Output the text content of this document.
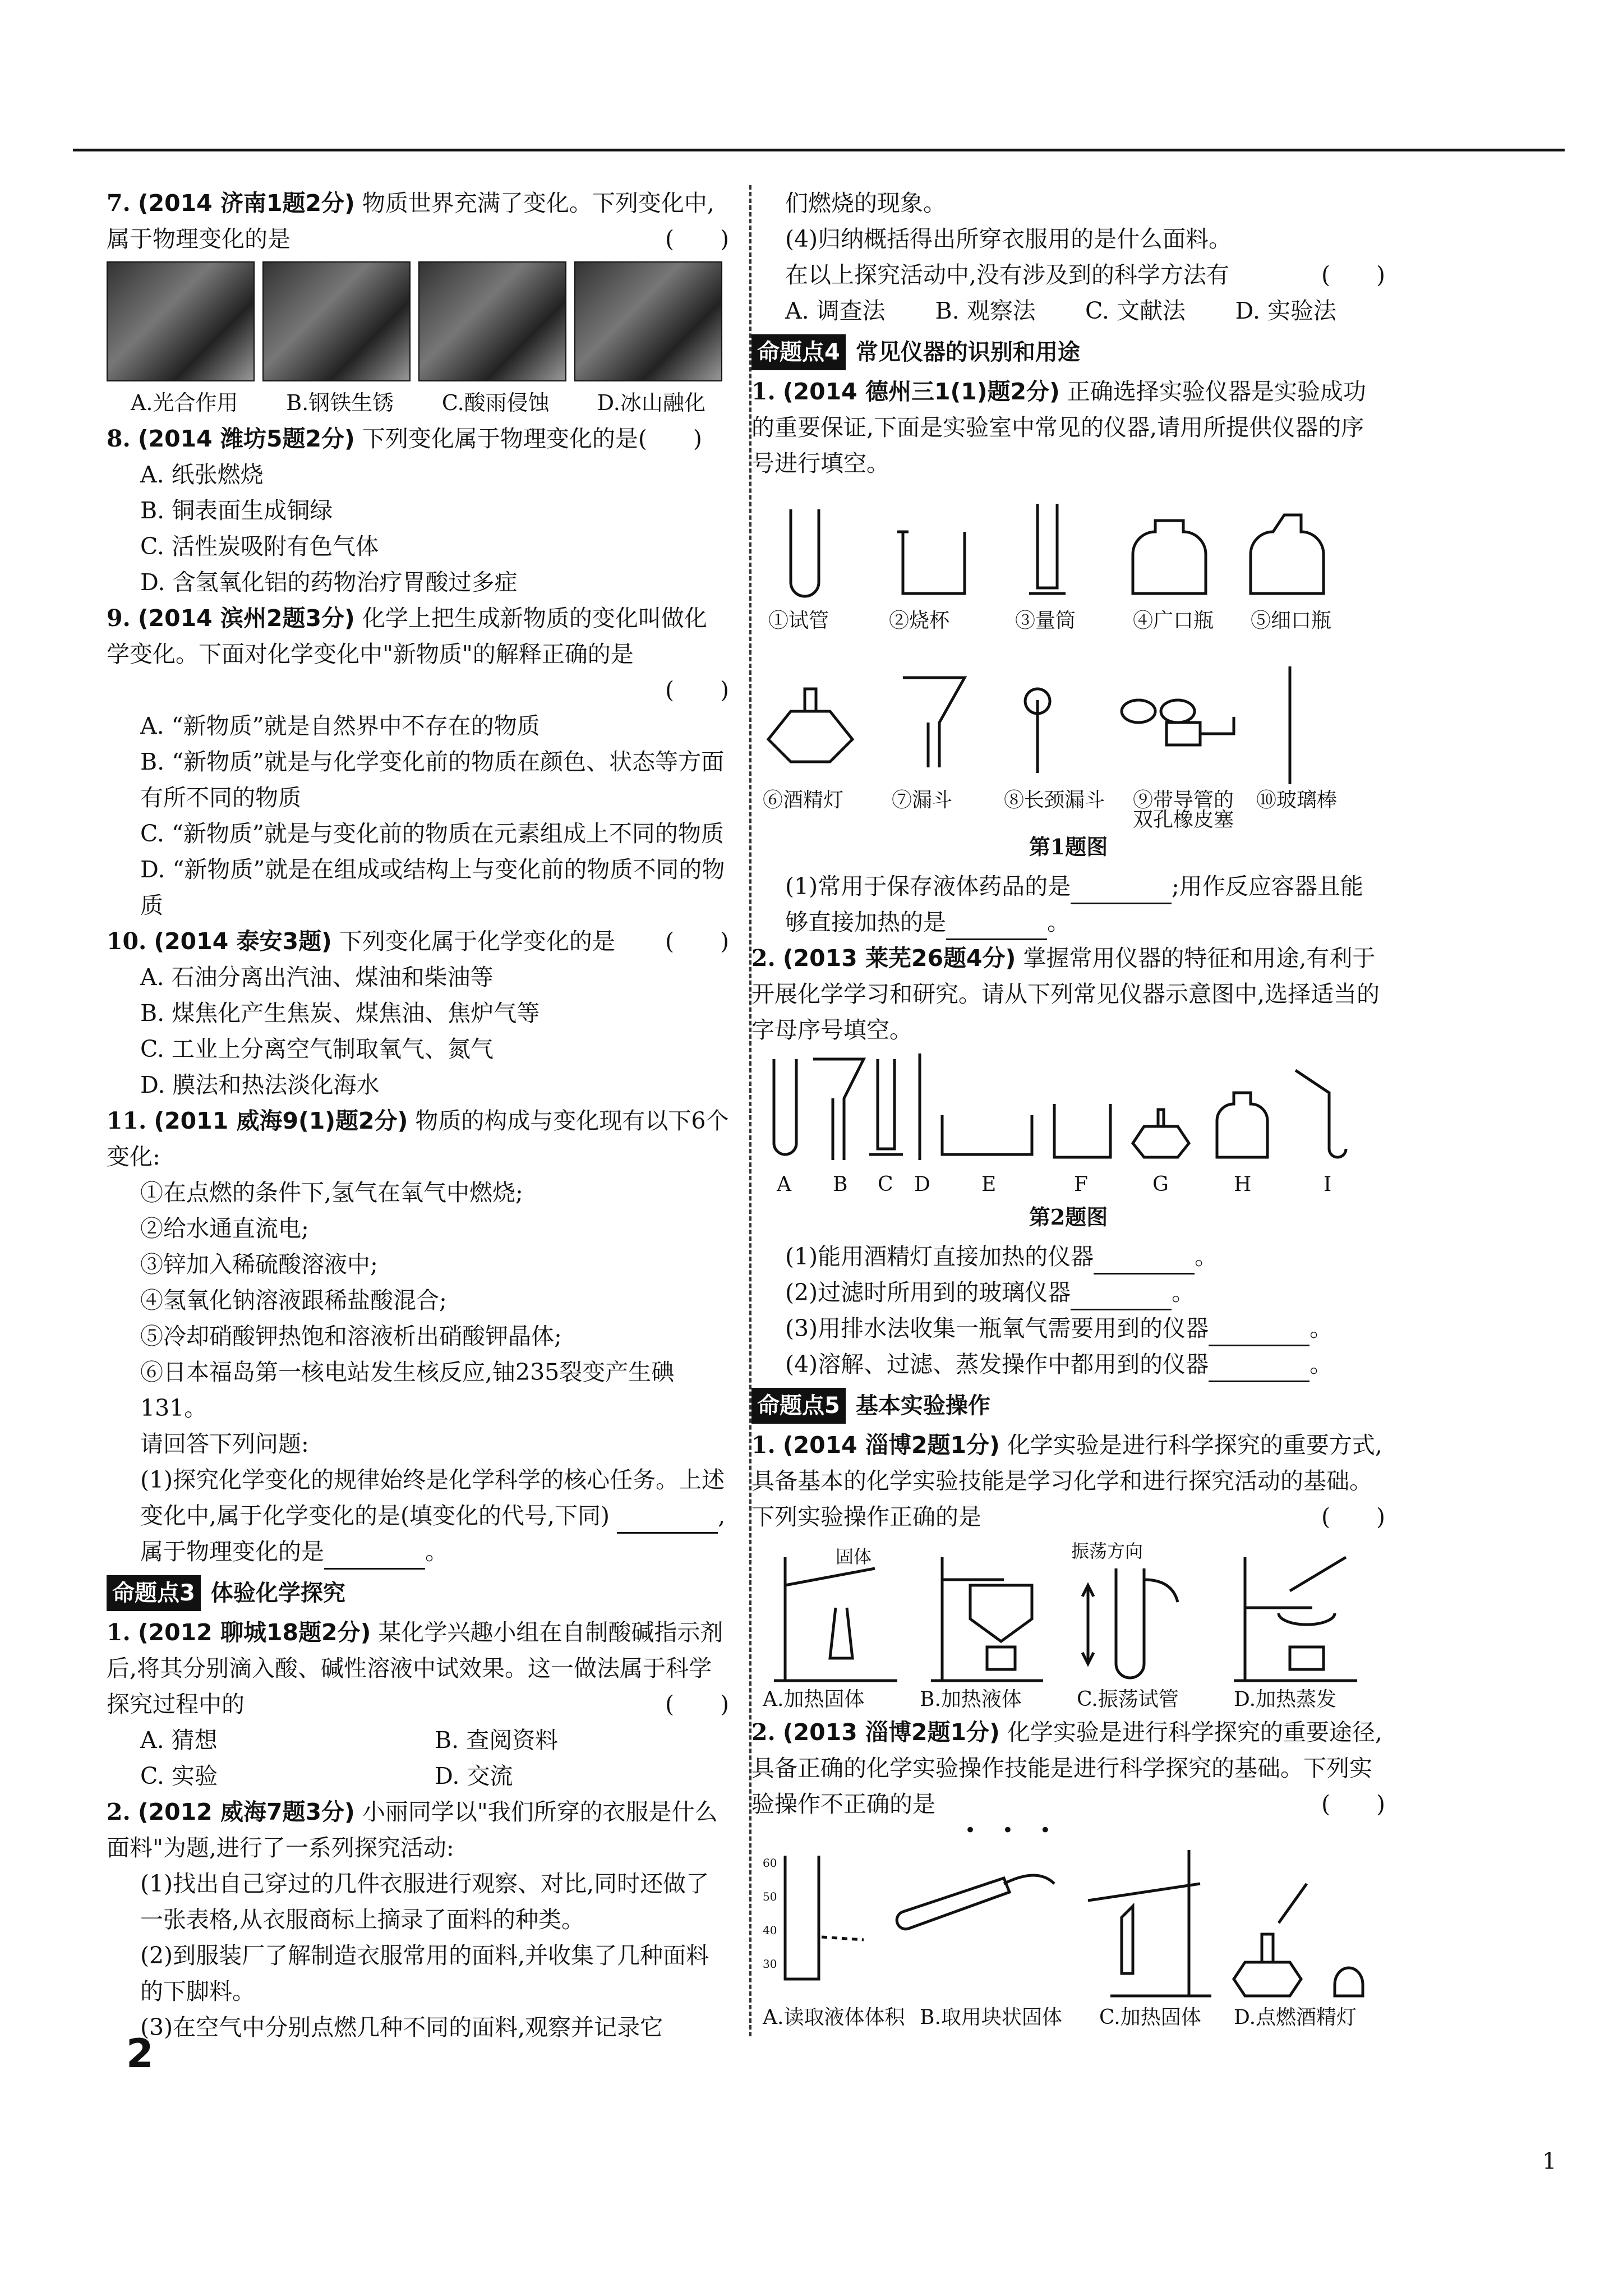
7. (2014 济南1题2分) 物质世界充满了变化。下列变化中,属于物理变化的是	(　　)
A.光合作用	B.钢铁生锈	C.酸雨侵蚀	D.冰山融化
8. (2014 潍坊5题2分) 下列变化属于物理变化的是(　　)
A. 纸张燃烧
B. 铜表面生成铜绿
C. 活性炭吸附有色气体
D. 含氢氧化铝的药物治疗胃酸过多症
9. (2014 滨州2题3分) 化学上把生成新物质的变化叫做化学变化。下面对化学变化中"新物质"的解释正确的是
(　　)
A. “新物质”就是自然界中不存在的物质
B. “新物质”就是与化学变化前的物质在颜色、状态等方面有所不同的物质
C. “新物质”就是与变化前的物质在元素组成上不同的物质
D. “新物质”就是在组成或结构上与变化前的物质不同的物质
10. (2014 泰安3题) 下列变化属于化学变化的是 (　　)
A. 石油分离出汽油、煤油和柴油等
B. 煤焦化产生焦炭、煤焦油、焦炉气等
C. 工业上分离空气制取氧气、氮气
D. 膜法和热法淡化海水
11. (2011 威海9(1)题2分) 物质的构成与变化现有以下6个变化:
①在点燃的条件下,氢气在氧气中燃烧;
②给水通直流电;
③锌加入稀硫酸溶液中;
④氢氧化钠溶液跟稀盐酸混合;
⑤冷却硝酸钾热饱和溶液析出硝酸钾晶体;
⑥日本福岛第一核电站发生核反应,铀235裂变产生碘131。
请回答下列问题:
(1)探究化学变化的规律始终是化学科学的核心任务。上述变化中,属于化学变化的是(填变化的代号,下同)	,属于物理变化的是	。
命题点3 体验化学探究
1. (2012 聊城18题2分) 某化学兴趣小组在自制酸碱指示剂后,将其分别滴入酸、碱性溶液中试效果。这一做法属于科学探究过程中的	(　　)
A. 猜想	B. 查阅资料
C. 实验	D. 交流
2. (2012 威海7题3分) 小丽同学以"我们所穿的衣服是什么面料"为题,进行了一系列探究活动:
(1)找出自己穿过的几件衣服进行观察、对比,同时还做了一张表格,从衣服商标上摘录了面料的种类。
(2)到服装厂了解制造衣服常用的面料,并收集了几种面料的下脚料。
(3)在空气中分别点燃几种不同的面料,观察并记录它
们燃烧的现象。
(4)归纳概括得出所穿衣服用的是什么面料。
在以上探究活动中,没有涉及到的科学方法有	(　　)
A. 调查法	B. 观察法	C. 文献法	D. 实验法
命题点4 常见仪器的识别和用途
1. (2014 德州三1(1)题2分) 正确选择实验仪器是实验成功的重要保证,下面是实验室中常见的仪器,请用所提供仪器的序号进行填空。
①试管	②烧杯	③量筒	④广口瓶 ⑤细口瓶
⑥酒精灯 ⑦漏斗	⑧长颈漏斗 ⑨带导管的
双孔橡皮塞
⑩玻璃棒
第1题图
(1)常用于保存液体药品的是	;用作反应容器且能够直接加热的是	。
2. (2013 莱芜26题4分) 掌握常用仪器的特征和用途,有利于开展化学学习和研究。请从下列常见仪器示意图中,选择适当的字母序号填空。
A B C D	E	F	G	H	I
第2题图
(1)能用酒精灯直接加热的仪器	。
(2)过滤时所用到的玻璃仪器	。
(3)用排水法收集一瓶氧气需要用到的仪器	。
(4)溶解、过滤、蒸发操作中都用到的仪器	。
命题点5 基本实验操作
1. (2014 淄博2题1分) 化学实验是进行科学探究的重要方式,具备基本的化学实验技能是学习化学和进行探究活动的基础。下列实验操作正确的是	(　　)
固体	振荡方向
A.加热固体	B.加热液体	C.振荡试管	D.加热蒸发
2. (2013 淄博2题1分) 化学实验是进行科学探究的重要途径,具备正确的化学实验操作技能是进行科学探究的基础。下列实验操作不正确的是	(　　)
• • •
60
50
40
30
A.读取液体体积 B.取用块状固体 C.加热固体 D.点燃酒精灯
2
1
